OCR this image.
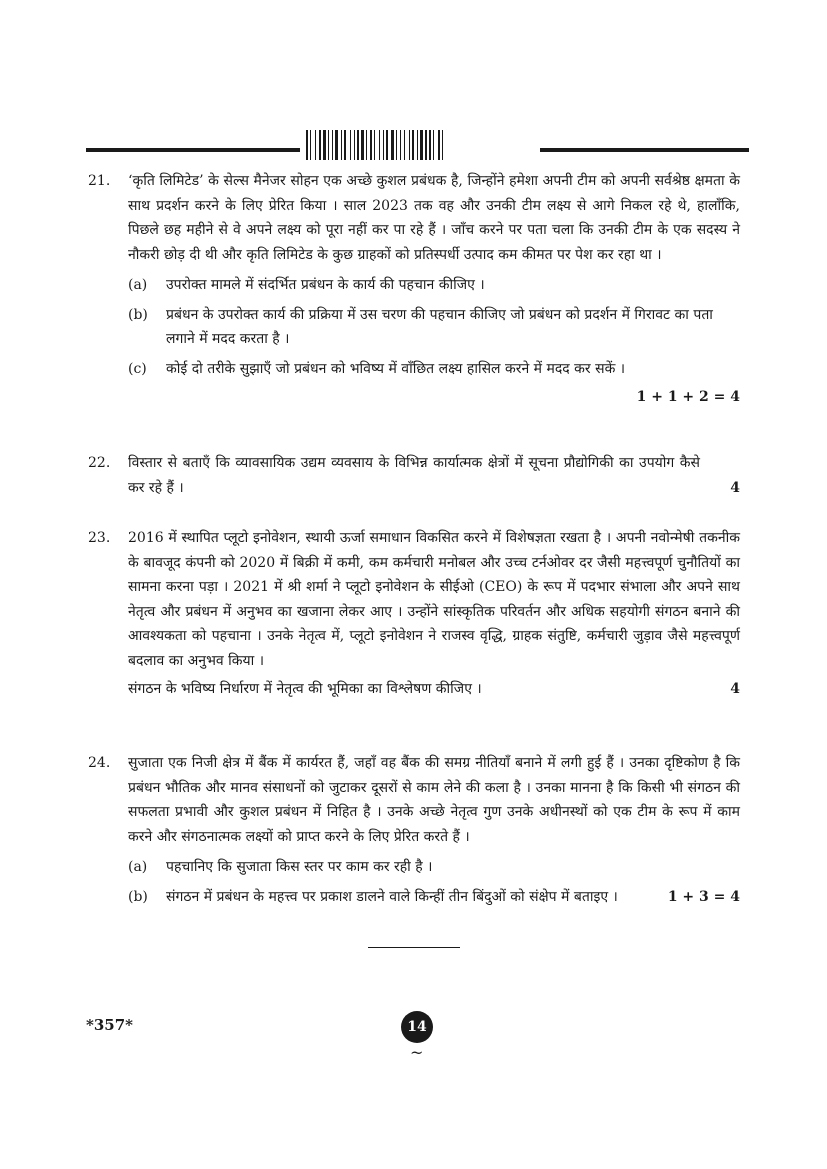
21.	‘कृति लिमिटेड’ के सेल्स मैनेजर सोहन एक अच्छे कुशल प्रबंधक है, जिन्होंने हमेशा अपनी टीम को अपनी सर्वश्रेष्ठ क्षमता के साथ प्रदर्शन करने के लिए प्रेरित किया । साल 2023 तक वह और उनकी टीम लक्ष्य से आगे निकल रहे थे, हालाँकि, पिछले छह महीने से वे अपने लक्ष्य को पूरा नहीं कर पा रहे हैं । जाँच करने पर पता चला कि उनकी टीम के एक सदस्य ने नौकरी छोड़ दी थी और कृति लिमिटेड के कुछ ग्राहकों को प्रतिस्पर्धी उत्पाद कम कीमत पर पेश कर रहा था ।
(a) उपरोक्त मामले में संदर्भित प्रबंधन के कार्य की पहचान कीजिए ।
(b) प्रबंधन के उपरोक्त कार्य की प्रक्रिया में उस चरण की पहचान कीजिए जो प्रबंधन को प्रदर्शन में गिरावट का पता लगाने में मदद करता है ।
(c) कोई दो तरीके सुझाएँ जो प्रबंधन को भविष्य में वाँछित लक्ष्य हासिल करने में मदद कर सकें ।
1 + 1 + 2 = 4
22.	विस्तार से बताएँ कि व्यावसायिक उद्यम व्यवसाय के विभिन्न कार्यात्मक क्षेत्रों में सूचना प्रौद्योगिकी का उपयोग कैसे कर रहे हैं ।	4
23.	2016 में स्थापित प्लूटो इनोवेशन, स्थायी ऊर्जा समाधान विकसित करने में विशेषज्ञता रखता है । अपनी नवोन्मेषी तकनीक के बावजूद कंपनी को 2020 में बिक्री में कमी, कम कर्मचारी मनोबल और उच्च टर्नओवर दर जैसी महत्त्वपूर्ण चुनौतियों का सामना करना पड़ा । 2021 में श्री शर्मा ने प्लूटो इनोवेशन के सीईओ (CEO) के रूप में पदभार संभाला और अपने साथ नेतृत्व और प्रबंधन में अनुभव का खजाना लेकर आए । उन्होंने सांस्कृतिक परिवर्तन और अधिक सहयोगी संगठन बनाने की आवश्यकता को पहचाना । उनके नेतृत्व में, प्लूटो इनोवेशन ने राजस्व वृद्धि, ग्राहक संतुष्टि, कर्मचारी जुड़ाव जैसे महत्त्वपूर्ण बदलाव का अनुभव किया ।
संगठन के भविष्य निर्धारण में नेतृत्व की भूमिका का विश्लेषण कीजिए ।	4
24.	सुजाता एक निजी क्षेत्र में बैंक में कार्यरत हैं, जहाँ वह बैंक की समग्र नीतियाँ बनाने में लगी हुई हैं । उनका दृष्टिकोण है कि प्रबंधन भौतिक और मानव संसाधनों को जुटाकर दूसरों से काम लेने की कला है । उनका मानना है कि किसी भी संगठन की सफलता प्रभावी और कुशल प्रबंधन में निहित है । उनके अच्छे नेतृत्व गुण उनके अधीनस्थों को एक टीम के रूप में काम करने और संगठनात्मक लक्ष्यों को प्राप्त करने के लिए प्रेरित करते हैं ।
(a) पहचानिए कि सुजाता किस स्तर पर काम कर रही है ।
(b) संगठन में प्रबंधन के महत्त्व पर प्रकाश डालने वाले किन्हीं तीन बिंदुओं को संक्षेप में बताइए ।	1 + 3 = 4
*357*	14
~
